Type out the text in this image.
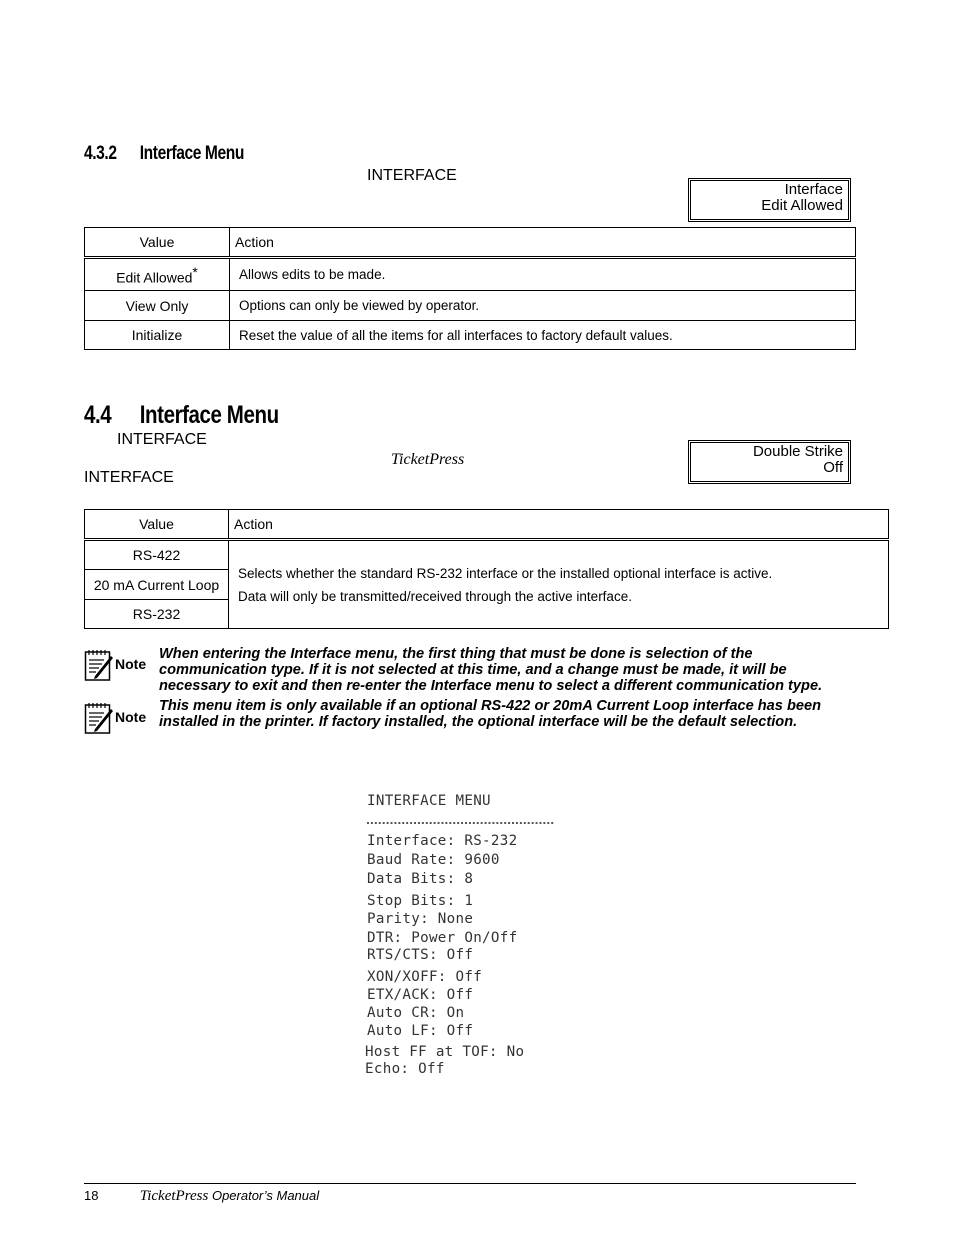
4.3.2 Interface Menu
INTERFACE
Interface
Edit Allowed
Value	Action
Edit Allowed*	Allows edits to be made.
View Only	Options can only be viewed by operator.
Initialize	Reset the value of all the items for all interfaces to factory default values.
4.4 Interface Menu
INTERFACE
TicketPress
INTERFACE
Double Strike
Off
Value	Action
RS-422	Selects whether the standard RS-232 interface or the installed optional interface is active.
Data will only be transmitted/received through the active interface.

20 mA Current Loop	
RS-232	
Note
When entering the Interface menu, the first thing that must be done is selection of the
communication type. If it is not selected at this time, and a change must be made, it will be
necessary to exit and then re-enter the Interface menu to select a different communication type.
Note
This menu item is only available if an optional RS-422 or 20mA Current Loop interface has been
installed in the printer. If factory installed, the optional interface will be the default selection.
INTERFACE MENU
Interface: RS-232
Baud Rate: 9600
Data Bits: 8
Stop Bits: 1
Parity: None
DTR: Power On/Off
RTS/CTS: Off
XON/XOFF: Off
ETX/ACK: Off
Auto CR: On
Auto LF: Off
Host FF at TOF: No
Echo: Off
18	TicketPress Operator’s Manual
